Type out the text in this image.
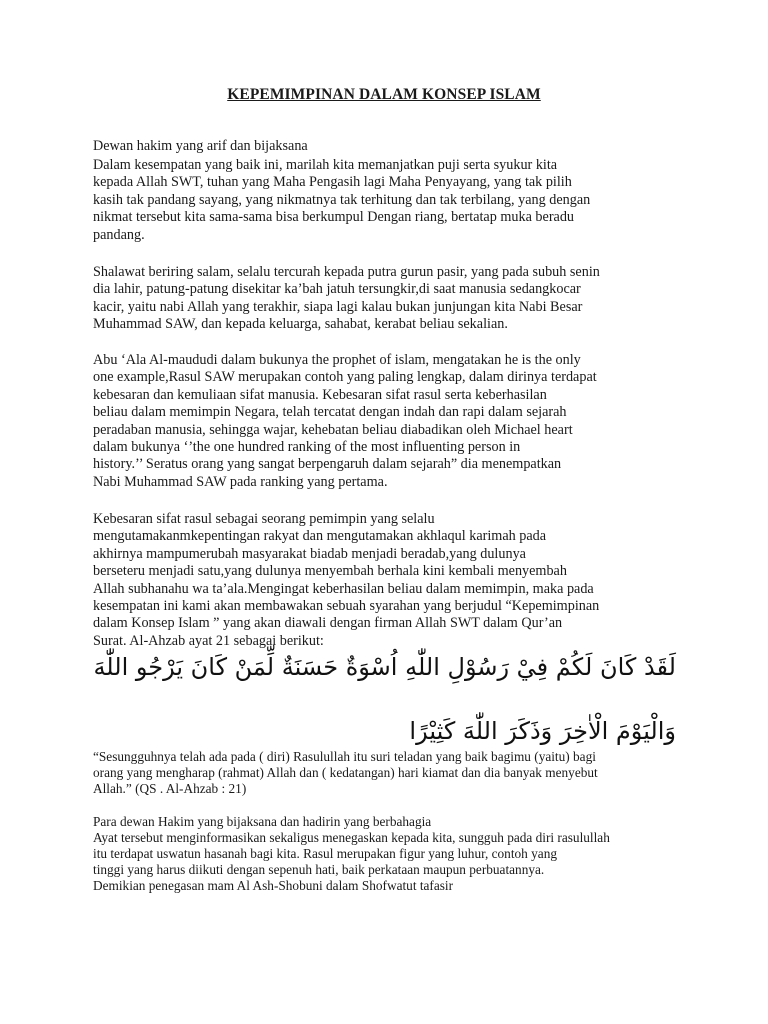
KEPEMIMPINAN DALAM KONSEP ISLAM

Dewan hakim yang arif dan bijaksana

Dalam kesempatan yang baik ini, marilah kita memanjatkan puji serta syukur kita
kepada Allah SWT, tuhan yang Maha Pengasih lagi Maha Penyayang, yang tak pilih
kasih tak pandang sayang, yang nikmatnya tak terhitung dan tak terbilang, yang dengan
nikmat tersebut kita sama-sama bisa berkumpul Dengan riang, bertatap muka beradu
pandang.

Shalawat beriring salam, selalu tercurah kepada putra gurun pasir, yang pada subuh senin
dia lahir, patung-patung disekitar ka’bah jatuh tersungkir,di saat manusia sedangkocar
kacir, yaitu nabi Allah yang terakhir, siapa lagi kalau bukan junjungan kita Nabi Besar
Muhammad SAW, dan kepada keluarga, sahabat, kerabat beliau sekalian.

Abu ‘Ala Al-maududi dalam bukunya the prophet of islam, mengatakan he is the only
one example,Rasul SAW merupakan contoh yang paling lengkap, dalam dirinya terdapat
kebesaran dan kemuliaan sifat manusia. Kebesaran sifat rasul serta keberhasilan
beliau dalam memimpin Negara, telah tercatat dengan indah dan rapi dalam sejarah
peradaban manusia, sehingga wajar, kehebatan beliau diabadikan oleh Michael heart
dalam bukunya ‘’the one hundred ranking of the most influenting person in
history.’’ Seratus orang yang sangat berpengaruh dalam sejarah” dia menempatkan
Nabi Muhammad SAW pada ranking yang pertama.

Kebesaran sifat rasul sebagai seorang pemimpin yang selalu
mengutamakanmkepentingan rakyat dan mengutamakan akhlaqul karimah pada
akhirnya mampumerubah masyarakat biadab menjadi beradab,yang dulunya
berseteru menjadi satu,yang dulunya menyembah berhala kini kembali menyembah
Allah subhanahu wa ta’ala.Mengingat keberhasilan beliau dalam memimpin, maka pada
kesempatan ini kami akan membawakan sebuah syarahan yang berjudul “Kepemimpinan
dalam Konsep Islam ” yang akan diawali dengan firman Allah SWT dalam Qur’an
Surat. Al-Ahzab ayat 21 sebagai berikut:

لَقَدْ كَانَ لَكُمْ فِيْ رَسُوْلِ اللّٰهِ اُسْوَةٌ حَسَنَةٌ لِّمَنْ كَانَ يَرْجُو اللّٰهَ
وَالْيَوْمَ الْاٰخِرَ وَذَكَرَ اللّٰهَ كَثِيْرًا

“Sesungguhnya telah ada pada ( diri) Rasulullah itu suri teladan yang baik bagimu (yaitu) bagi
orang yang mengharap (rahmat) Allah dan ( kedatangan) hari kiamat dan dia banyak menyebut
Allah.” (QS . Al-Ahzab : 21)

Para dewan Hakim yang bijaksana dan hadirin yang berbahagia
Ayat tersebut menginformasikan sekaligus menegaskan kepada kita, sungguh pada diri rasulullah
itu terdapat uswatun hasanah bagi kita. Rasul merupakan figur yang luhur, contoh yang
tinggi yang harus diikuti dengan sepenuh hati, baik perkataan maupun perbuatannya.
Demikian penegasan mam Al Ash-Shobuni dalam Shofwatut tafasir
